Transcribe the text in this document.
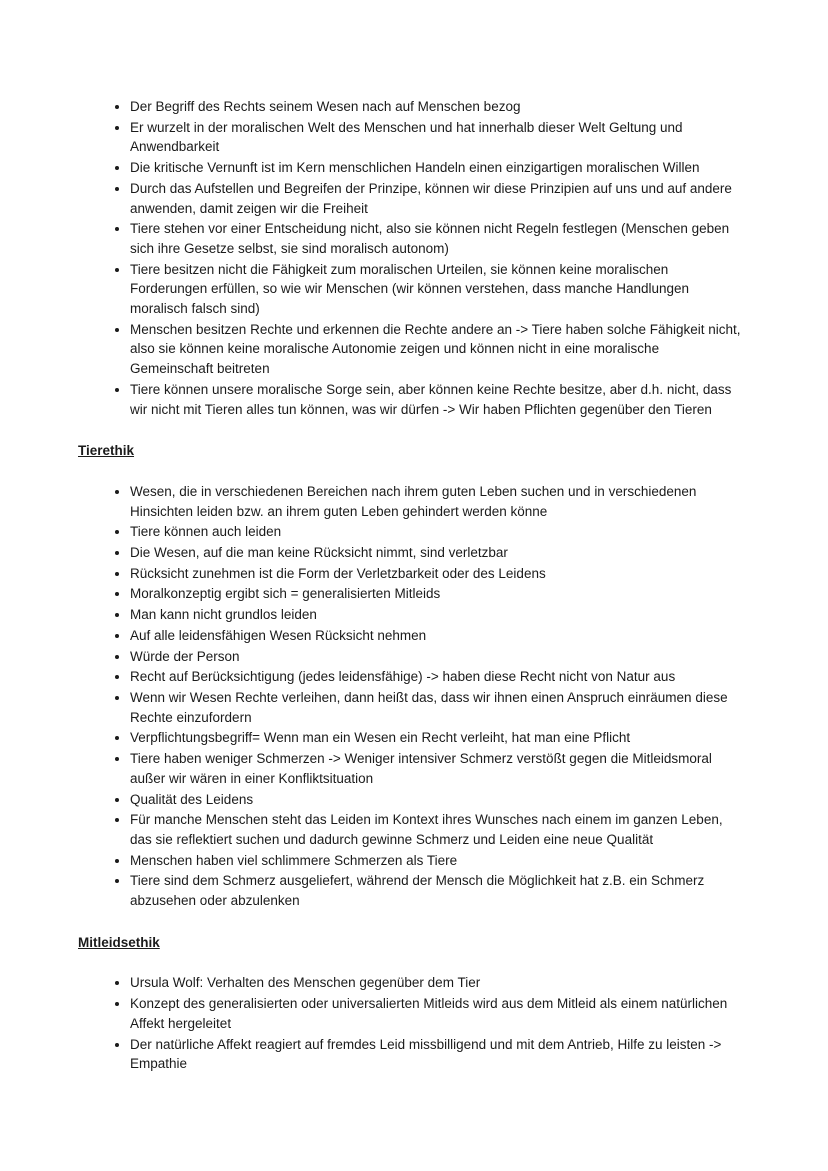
• Der Begriff des Rechts seinem Wesen nach auf Menschen bezog
• Er wurzelt in der moralischen Welt des Menschen und hat innerhalb dieser Welt Geltung und Anwendbarkeit
• Die kritische Vernunft ist im Kern menschlichen Handeln einen einzigartigen moralischen Willen
• Durch das Aufstellen und Begreifen der Prinzipe, können wir diese Prinzipien auf uns und auf andere anwenden, damit zeigen wir die Freiheit
• Tiere stehen vor einer Entscheidung nicht, also sie können nicht Regeln festlegen (Menschen geben sich ihre Gesetze selbst, sie sind moralisch autonom)
• Tiere besitzen nicht die Fähigkeit zum moralischen Urteilen, sie können keine moralischen Forderungen erfüllen, so wie wir Menschen (wir können verstehen, dass manche Handlungen moralisch falsch sind)
• Menschen besitzen Rechte und erkennen die Rechte andere an -> Tiere haben solche Fähigkeit nicht, also sie können keine moralische Autonomie zeigen und können nicht in eine moralische Gemeinschaft beitreten
• Tiere können unsere moralische Sorge sein, aber können keine Rechte besitze, aber d.h. nicht, dass wir nicht mit Tieren alles tun können, was wir dürfen -> Wir haben Pflichten gegenüber den Tieren
Tierethik
• Wesen, die in verschiedenen Bereichen nach ihrem guten Leben suchen und in verschiedenen Hinsichten leiden bzw. an ihrem guten Leben gehindert werden könne
• Tiere können auch leiden
• Die Wesen, auf die man keine Rücksicht nimmt, sind verletzbar
• Rücksicht zunehmen ist die Form der Verletzbarkeit oder des Leidens
• Moralkonzeptig ergibt sich = generalisierten Mitleids
• Man kann nicht grundlos leiden
• Auf alle leidensfähigen Wesen Rücksicht nehmen
• Würde der Person
• Recht auf Berücksichtigung (jedes leidensfähige) -> haben diese Recht nicht von Natur aus
• Wenn wir Wesen Rechte verleihen, dann heißt das, dass wir ihnen einen Anspruch einräumen diese Rechte einzufordern
• Verpflichtungsbegriff= Wenn man ein Wesen ein Recht verleiht, hat man eine Pflicht
• Tiere haben weniger Schmerzen -> Weniger intensiver Schmerz verstößt gegen die Mitleidsmoral außer wir wären in einer Konfliktsituation
• Qualität des Leidens
• Für manche Menschen steht das Leiden im Kontext ihres Wunsches nach einem im ganzen Leben, das sie reflektiert suchen und dadurch gewinne Schmerz und Leiden eine neue Qualität
• Menschen haben viel schlimmere Schmerzen als Tiere
• Tiere sind dem Schmerz ausgeliefert, während der Mensch die Möglichkeit hat z.B. ein Schmerz abzusehen oder abzulenken
Mitleidsethik
• Ursula Wolf: Verhalten des Menschen gegenüber dem Tier
• Konzept des generalisierten oder universalierten Mitleids wird aus dem Mitleid als einem natürlichen Affekt hergeleitet
• Der natürliche Affekt reagiert auf fremdes Leid missbilligend und mit dem Antrieb, Hilfe zu leisten -> Empathie
